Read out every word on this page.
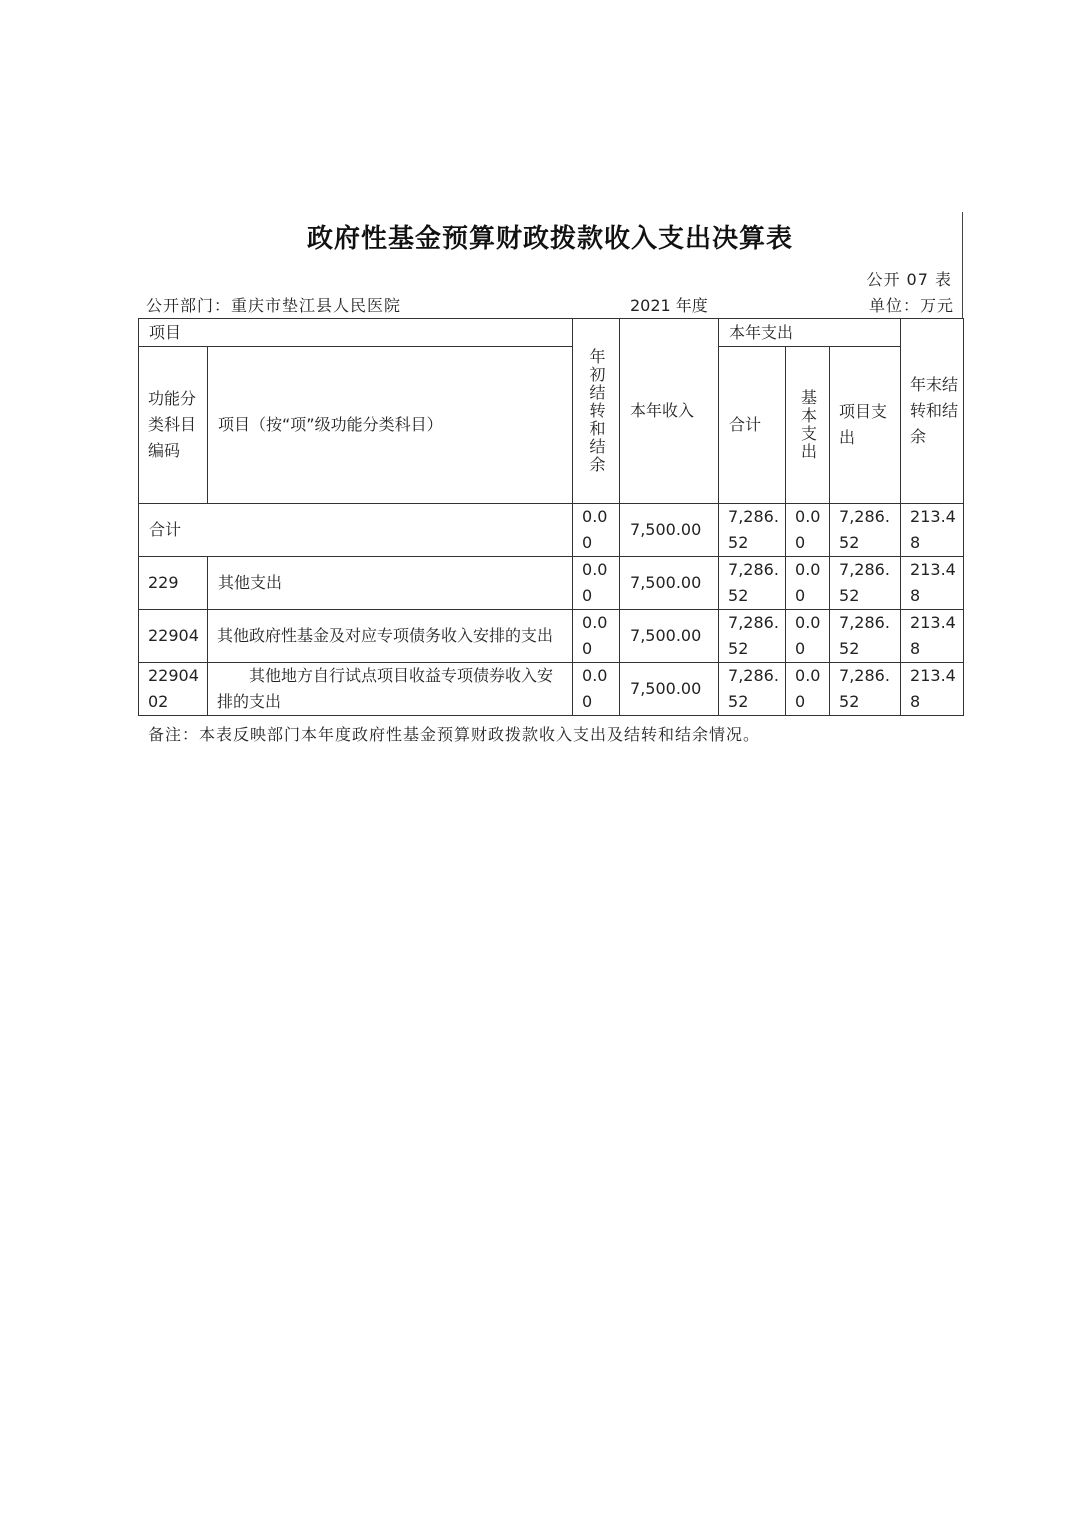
政府性基金预算财政拨款收入支出决算表
公开 07 表
公开部门：重庆市垫江县人民医院	2021 年度	单位：万元
项目		年初结转和结余	本年收入	本年支出			年末结转和结余
功能分类科目编码	项目（按“项”级功能分类科目）			合计	基本支出	项目支出	
合计		0.00	7,500.00	7,286.52	0.00	7,286.52	213.48
229	其他支出	0.00	7,500.00	7,286.52	0.00	7,286.52	213.48
22904	其他政府性基金及对应专项债务收入安排的支出	0.00	7,500.00	7,286.52	0.00	7,286.52	213.48
2290402	其他地方自行试点项目收益专项债券收入安排的支出	0.00	7,500.00	7,286.52	0.00	7,286.52	213.48
备注：本表反映部门本年度政府性基金预算财政拨款收入支出及结转和结余情况。
